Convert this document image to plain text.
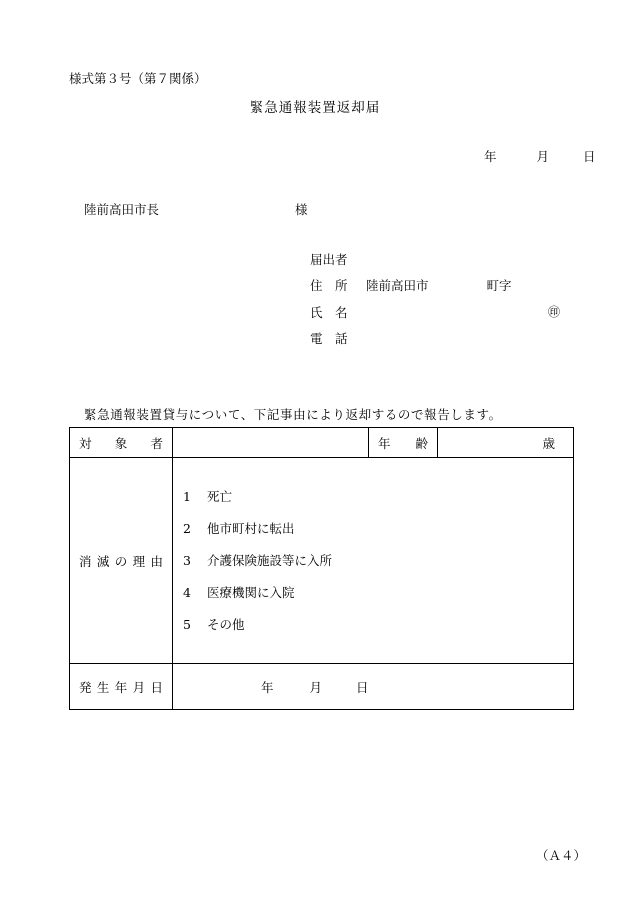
様式第３号（第７関係）
緊急通報装置返却届
年	月	日
陸前高田市長	様
届出者
住　所 陸前高田市	町字
氏　名	㊞
電　話
緊急通報装置貸与について、下記事由により返却するので報告します。
対象者		年齢	歳
消滅の理由	1 死亡
2 他市町村に転出
3 介護保険施設等に入所
4 医療機関に入院
5 その他		

発生年月日	年 月 日		
（Ａ４）
